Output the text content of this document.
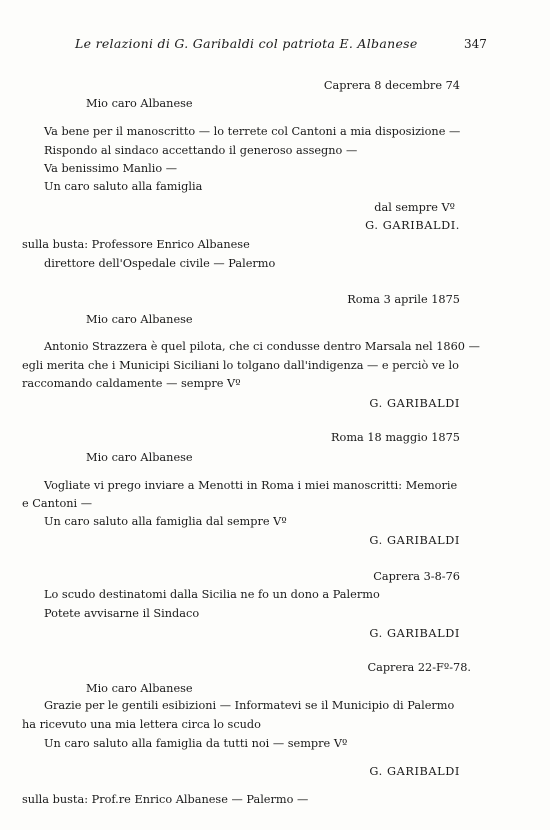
Le relazioni di G. Garibaldi col patriota E. Albanese	347
Caprera 8 decembre 74
Mio caro Albanese
Va bene per il manoscritto — lo terrete col Cantoni a mia disposizione —
Rispondo al sindaco accettando il generoso assegno —
Va benissimo Manlio —
Un caro saluto alla famiglia
dal sempre Vº
G. GARIBALDI.
sulla busta: Professore Enrico Albanese
direttore dell'Ospedale civile — Palermo
Roma 3 aprile 1875
Mio caro Albanese
Antonio Strazzera è quel pilota, che ci condusse dentro Marsala nel 1860 —
egli merita che i Municipi Siciliani lo tolgano dall'indigenza — e perciò ve lo
raccomando caldamente — sempre Vº
G. GARIBALDI
Roma 18 maggio 1875
Mio caro Albanese
Vogliate vi prego inviare a Menotti in Roma i miei manoscritti: Memorie
e Cantoni —
Un caro saluto alla famiglia dal sempre Vº
G. GARIBALDI
Caprera 3-8-76
Lo scudo destinatomi dalla Sicilia ne fo un dono a Palermo
Potete avvisarne il Sindaco
G. GARIBALDI
Caprera 22-Fº-78.
Mio caro Albanese
Grazie per le gentili esibizioni — Informatevi se il Municipio di Palermo
ha ricevuto una mia lettera circa lo scudo
Un caro saluto alla famiglia da tutti noi — sempre Vº
G. GARIBALDI
sulla busta: Prof.re Enrico Albanese — Palermo —
